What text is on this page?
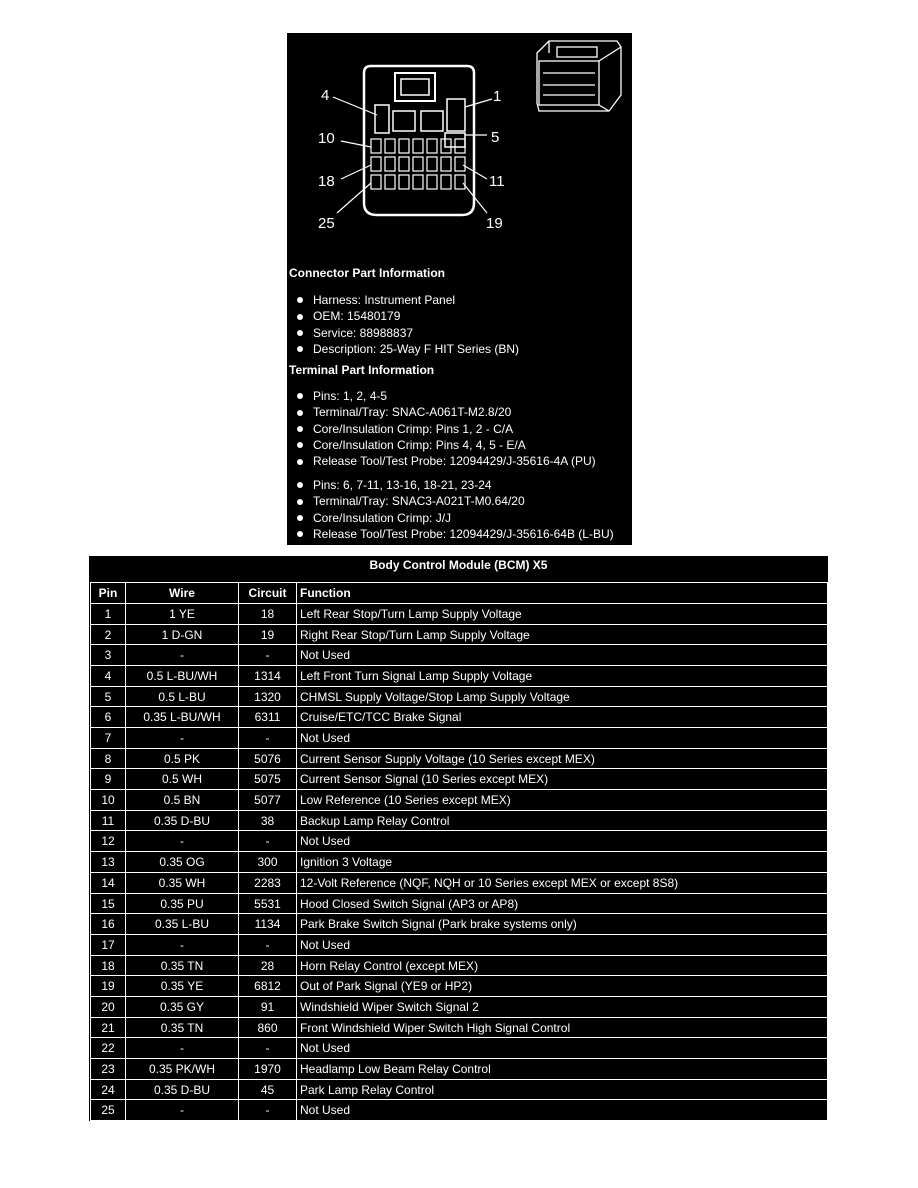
4	1
10	5
18	11
25	19
Connector Part Information
Harness: Instrument Panel
OEM: 15480179
Service: 88988837
Description: 25-Way F HIT Series (BN)
Terminal Part Information
Pins: 1, 2, 4-5
Terminal/Tray: SNAC-A061T-M2.8/20
Core/Insulation Crimp: Pins 1, 2 - C/A
Core/Insulation Crimp: Pins 4, 4, 5 - E/A
Release Tool/Test Probe: 12094429/J-35616-4A (PU)
Pins: 6, 7-11, 13-16, 18-21, 23-24
Terminal/Tray: SNAC3-A021T-M0.64/20
Core/Insulation Crimp: J/J
Release Tool/Test Probe: 12094429/J-35616-64B (L-BU)
Body Control Module (BCM) X5
Pin	Wire	Circuit	Function
1	1 YE	18	Left Rear Stop/Turn Lamp Supply Voltage
2	1 D-GN	19	Right Rear Stop/Turn Lamp Supply Voltage
3	-	-	Not Used
4	0.5 L-BU/WH	1314	Left Front Turn Signal Lamp Supply Voltage
5	0.5 L-BU	1320	CHMSL Supply Voltage/Stop Lamp Supply Voltage
6	0.35 L-BU/WH	6311	Cruise/ETC/TCC Brake Signal
7	-	-	Not Used
8	0.5 PK	5076	Current Sensor Supply Voltage (10 Series except MEX)
9	0.5 WH	5075	Current Sensor Signal (10 Series except MEX)
10	0.5 BN	5077	Low Reference (10 Series except MEX)
11	0.35 D-BU	38	Backup Lamp Relay Control
12	-	-	Not Used
13	0.35 OG	300	Ignition 3 Voltage
14	0.35 WH	2283	12-Volt Reference (NQF, NQH or 10 Series except MEX or except 8S8)
15	0.35 PU	5531	Hood Closed Switch Signal (AP3 or AP8)
16	0.35 L-BU	1134	Park Brake Switch Signal (Park brake systems only)
17	-	-	Not Used
18	0.35 TN	28	Horn Relay Control (except MEX)
19	0.35 YE	6812	Out of Park Signal (YE9 or HP2)
20	0.35 GY	91	Windshield Wiper Switch Signal 2
21	0.35 TN	860	Front Windshield Wiper Switch High Signal Control
22	-	-	Not Used
23	0.35 PK/WH	1970	Headlamp Low Beam Relay Control
24	0.35 D-BU	45	Park Lamp Relay Control
25	-	-	Not Used
